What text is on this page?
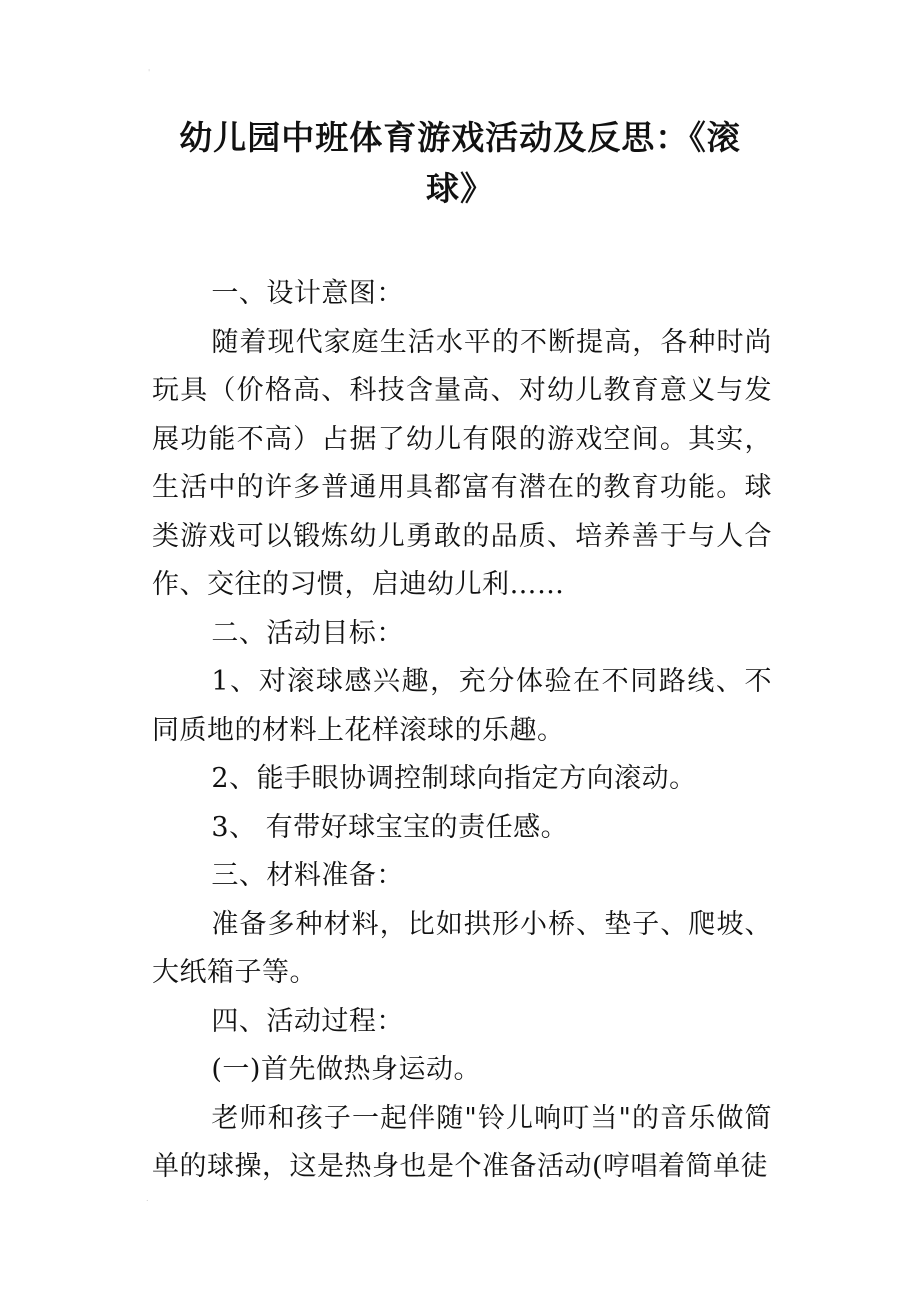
'
幼儿园中班体育游戏活动及反思：《滚
球》

一、设计意图：

随着现代家庭生活水平的不断提高，各种时尚玩具（价格高、科技含量高、对幼儿教育意义与发展功能不高）占据了幼儿有限的游戏空间。其实，生活中的许多普通用具都富有潜在的教育功能。球类游戏可以锻炼幼儿勇敢的品质、培养善于与人合作、交往的习惯，启迪幼儿利……

二、活动目标：

1、对滚球感兴趣，充分体验在不同路线、不同质地的材料上花样滚球的乐趣。

2、能手眼协调控制球向指定方向滚动。

3、 有带好球宝宝的责任感。

三、材料准备：

准备多种材料，比如拱形小桥、垫子、爬坡、大纸箱子等。

四、活动过程：

(一)首先做热身运动。

老师和孩子一起伴随"铃儿响叮当"的音乐做简单的球操，这是热身也是个准备活动(哼唱着简单徒

.
